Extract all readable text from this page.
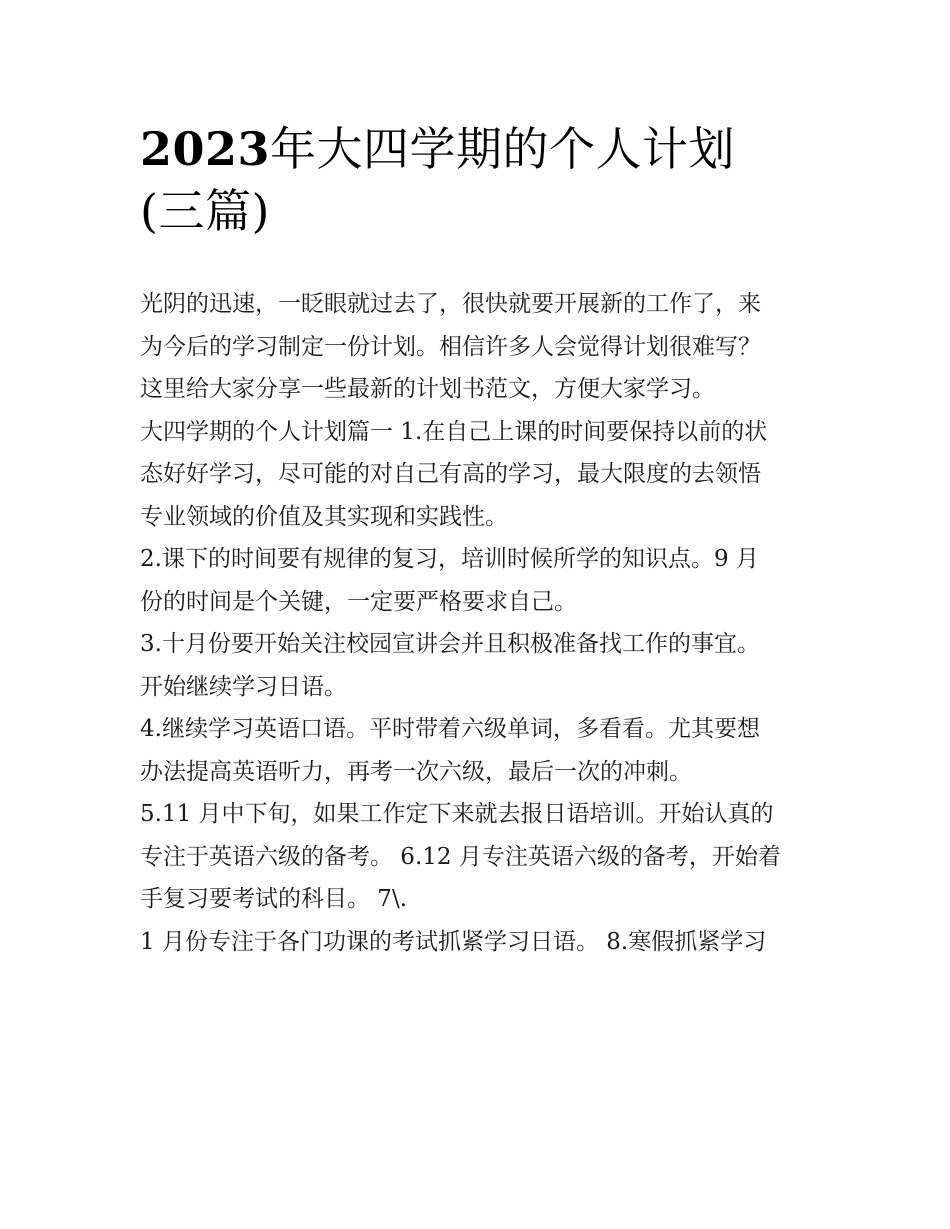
2023年大四学期的个人计划
(三篇)
光阴的迅速，一眨眼就过去了，很快就要开展新的工作了，来
为今后的学习制定一份计划。相信许多人会觉得计划很难写？
这里给大家分享一些最新的计划书范文，方便大家学习。
大四学期的个人计划篇一 1.在自己上课的时间要保持以前的状
态好好学习，尽可能的对自己有高的学习，最大限度的去领悟
专业领域的价值及其实现和实践性。
2.课下的时间要有规律的复习，培训时候所学的知识点。9 月
份的时间是个关键，一定要严格要求自己。
3.十月份要开始关注校园宣讲会并且积极准备找工作的事宜。
开始继续学习日语。
4.继续学习英语口语。平时带着六级单词，多看看。尤其要想
办法提高英语听力，再考一次六级，最后一次的冲刺。
5.11 月中下旬，如果工作定下来就去报日语培训。开始认真的
专注于英语六级的备考。 6.12 月专注英语六级的备考，开始着
手复习要考试的科目。 7\.
1 月份专注于各门功课的考试抓紧学习日语。 8.寒假抓紧学习
